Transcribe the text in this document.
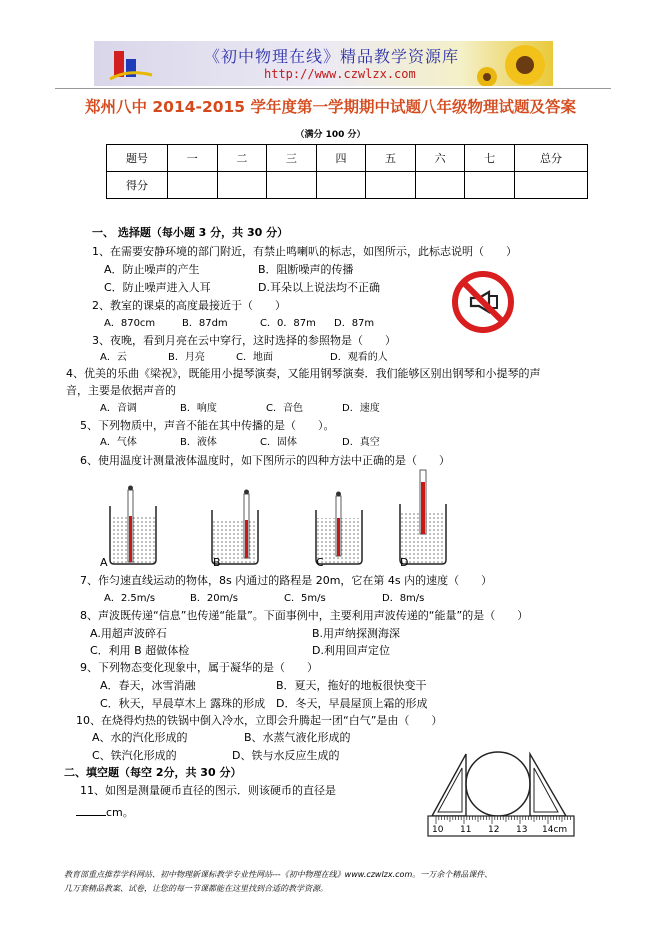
《初中物理在线》精品教学资源库
http://www.czwlzx.com
郑州八中 2014-2015 学年度第一学期期中试题八年级物理试题及答案
（满分 100 分）
题号	一	二	三	四	五	六	七	总分
得分								
一、 选择题（每小题 3 分，共 30 分）
1、在需要安静环境的部门附近，有禁止鸣喇叭的标志，如图所示，此标志说明（　　）
A．防止噪声的产生	B．阻断噪声的传播
C．防止噪声进入人耳	D.耳朵以上说法均不正确
2、教室的课桌的高度最接近于（　　）
A．870cm	B．87dm	C．0．87m D．87m
3、夜晚，看到月亮在云中穿行，这时选择的参照物是（　　）
A．云	B．月亮	C．地面	D．观看的人
4、优美的乐曲《梁祝》，既能用小提琴演奏，又能用钢琴演奏．我们能够区别出钢琴和小提琴的声
音，主要是依据声音的
A．音调	B．响度	C．音色	D．速度
5、下列物质中，声音不能在其中传播的是（　　）。
A．气体	B．液体	C．固体	D．真空
6、使用温度计测量液体温度时，如下图所示的四种方法中正确的是（　　）
A	B	C	D
7、作匀速直线运动的物体，8s 内通过的路程是 20m，它在第 4s 内的速度（　　）
A．2.5m/s	B．20m/s	C．5m/s	D．8m/s
8、声波既传递“信息”也传递“能量”。下面事例中，主要利用声波传递的“能量”的是（　　）
A.用超声波碎石	B.用声纳探测海深
C．利用 B 超做体检	D.利用回声定位
9、下列物态变化现象中，属于凝华的是（　　）
A．春天，冰雪消融	B．夏天，拖好的地板很快变干
C．秋天，早晨草木上 露珠的形成 D．冬天，早晨屋顶上霜的形成
10、在烧得灼热的铁锅中倒入冷水，立即会升腾起一团“白气”是由（　　）
A、水的汽化形成的	B、水蒸气液化形成的
C、铁汽化形成的	D、铁与水反应生成的
二、填空题（每空 2分，共 30 分）
11、如图是测量硬币直径的图示．则该硬币的直径是
cm。
10 11 12 13 14cm
教育部重点推荐学科网站、初中物理新课标教学专业性网站---《初中物理在线》www.czwlzx.com。一万余个精品课件、
几万套精品教案、试卷，让您的每一节课都能在这里找到合适的教学资源。
